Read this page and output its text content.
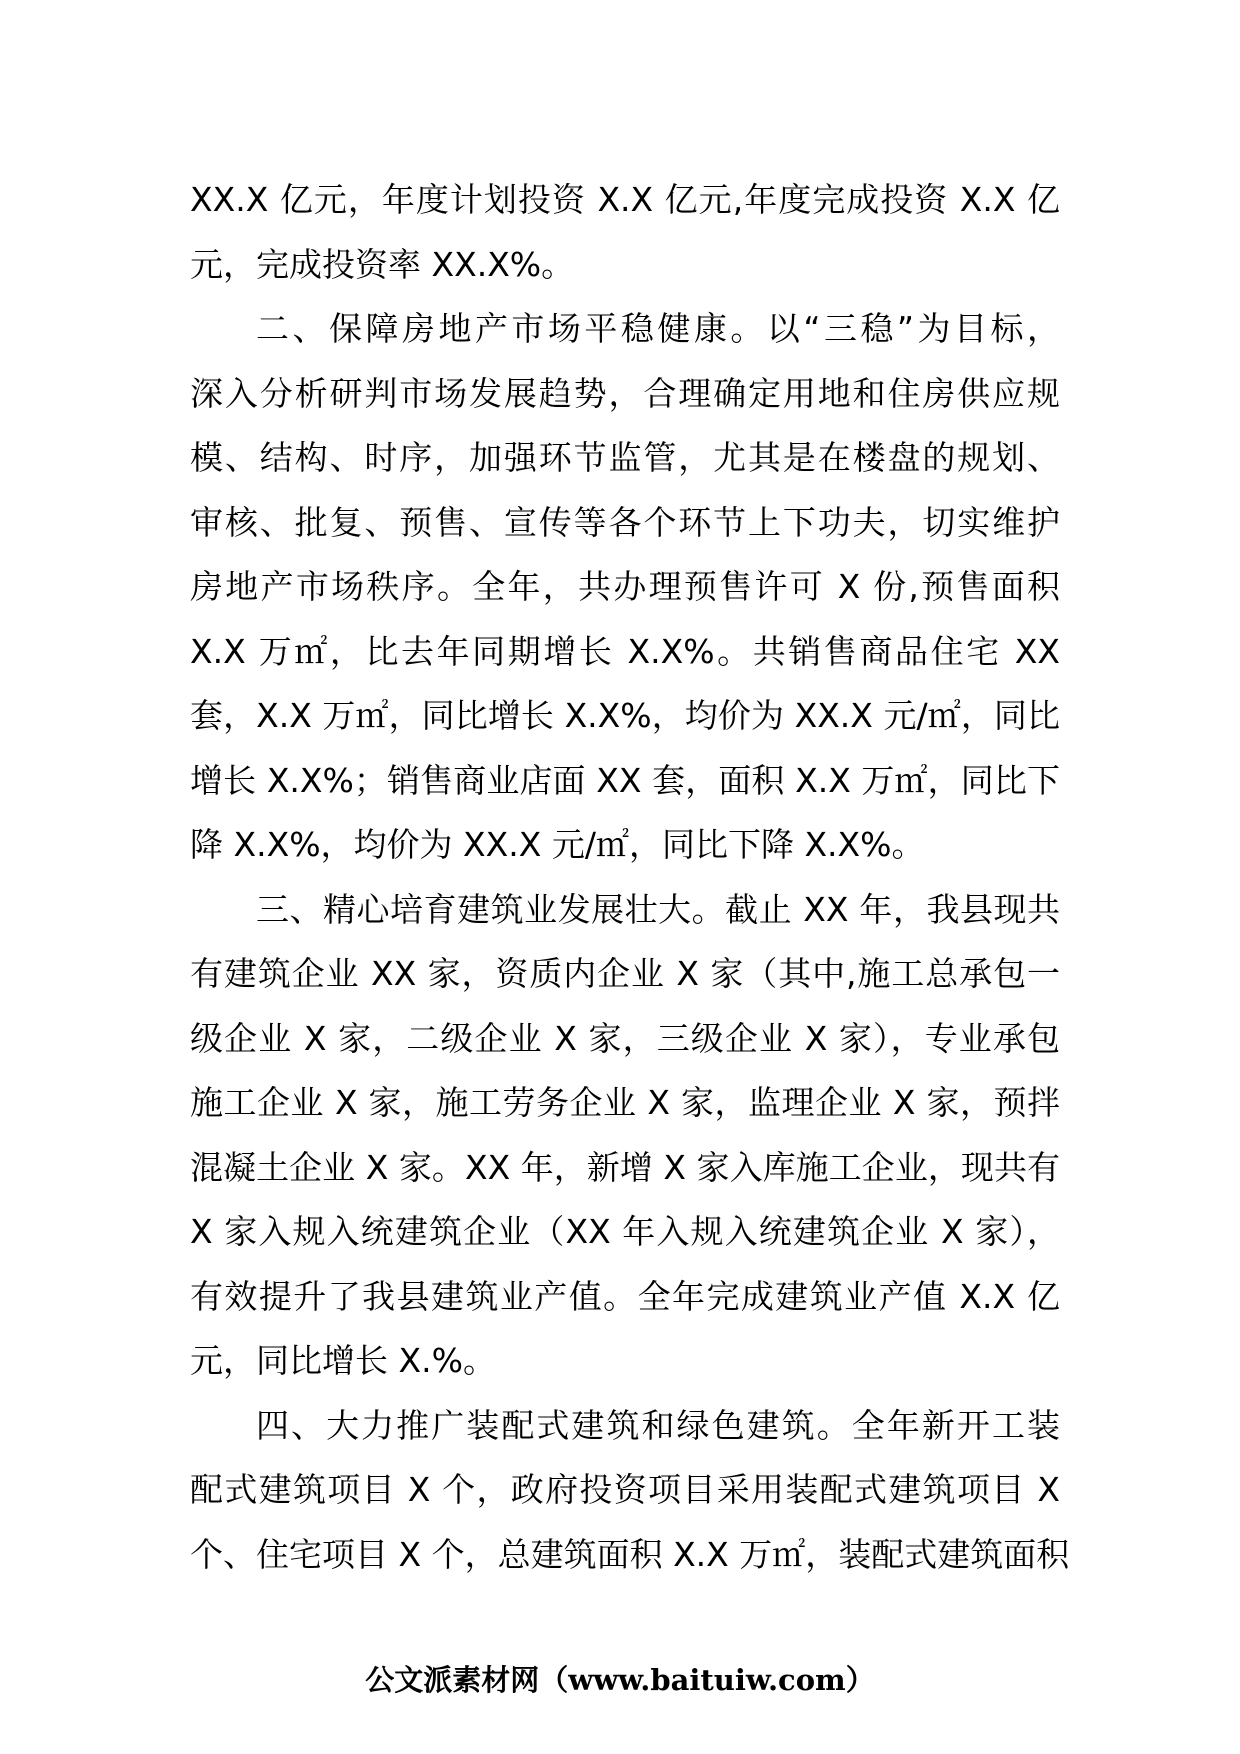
XX.X 亿元，年度计划投资 X.X 亿元,年度完成投资 X.X 亿
元，完成投资率 XX.X%。
二、保障房地产市场平稳健康。以“三稳”为目标，
深入分析研判市场发展趋势，合理确定用地和住房供应规
模、结构、时序，加强环节监管，尤其是在楼盘的规划、
审核、批复、预售、宣传等各个环节上下功夫，切实维护
房地产市场秩序。全年，共办理预售许可 X 份,预售面积
X.X 万㎡，比去年同期增长 X.X%。共销售商品住宅 XX
套，X.X 万㎡，同比增长 X.X%，均价为 XX.X 元/㎡，同比
增长 X.X%；销售商业店面 XX 套，面积 X.X 万㎡，同比下
降 X.X%，均价为 XX.X 元/㎡，同比下降 X.X%。
三、精心培育建筑业发展壮大。截止 XX 年，我县现共
有建筑企业 XX 家，资质内企业 X 家（其中,施工总承包一
级企业 X 家，二级企业 X 家，三级企业 X 家），专业承包
施工企业 X 家，施工劳务企业 X 家，监理企业 X 家，预拌
混凝土企业 X 家。XX 年，新增 X 家入库施工企业，现共有
X 家入规入统建筑企业（XX 年入规入统建筑企业 X 家），
有效提升了我县建筑业产值。全年完成建筑业产值 X.X 亿
元，同比增长 X.%。
四、大力推广装配式建筑和绿色建筑。全年新开工装
配式建筑项目 X 个，政府投资项目采用装配式建筑项目 X
个、住宅项目 X 个，总建筑面积 X.X 万㎡，装配式建筑面积
公文派素材网（www.baituiw.com）
